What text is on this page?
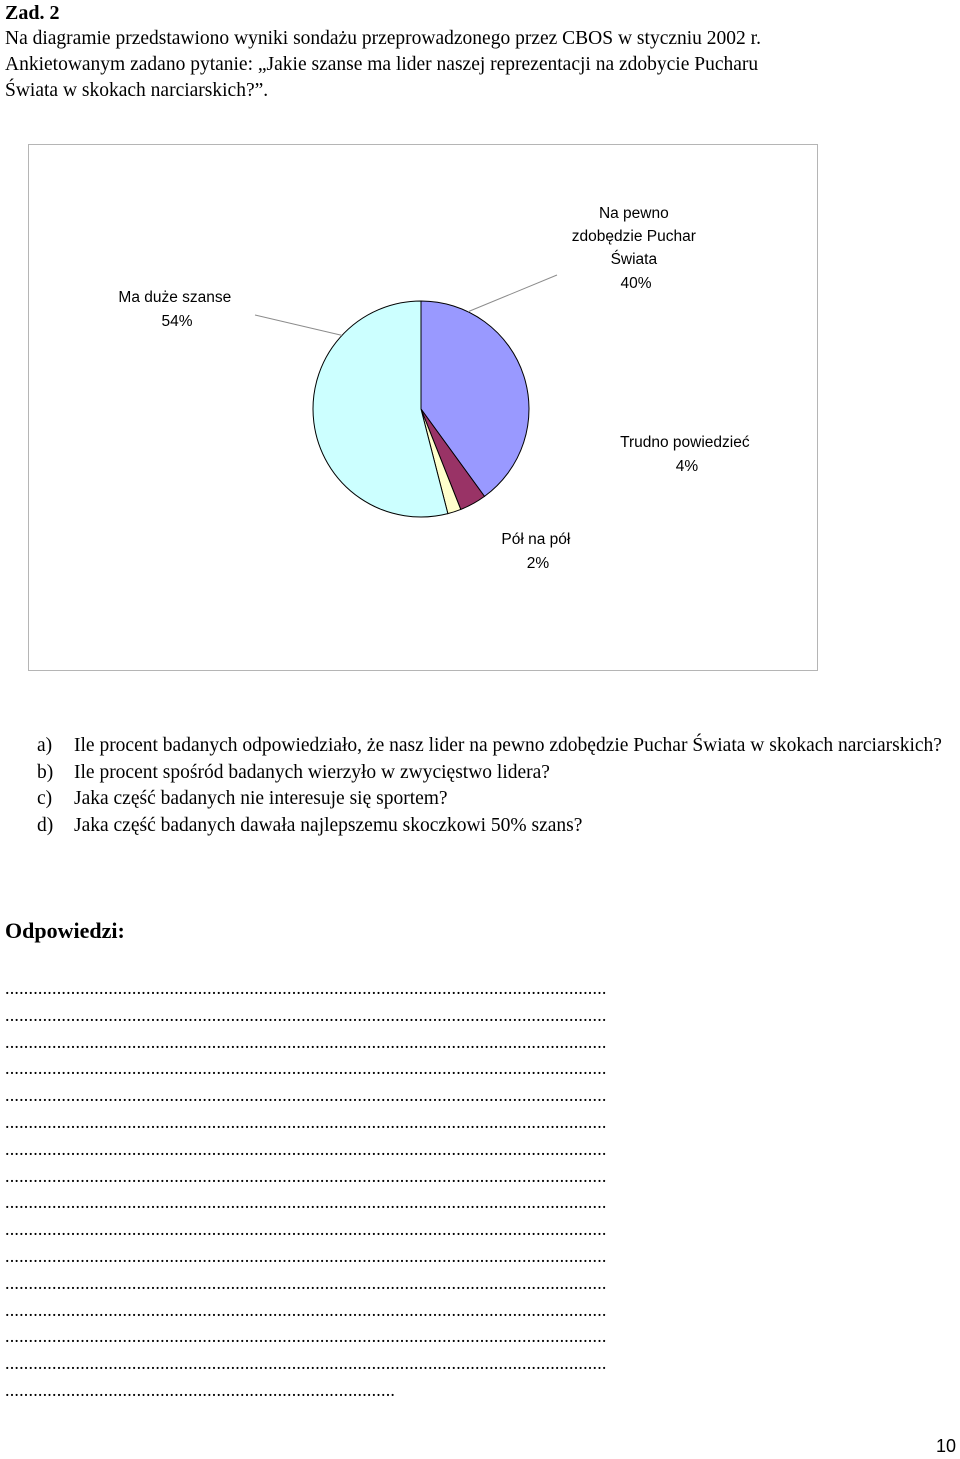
Zad. 2
Na diagramie przedstawiono wyniki sondażu przeprowadzonego przez CBOS w styczniu 2002 r.
Ankietowanym zadano pytanie: „Jakie szanse ma lider naszej reprezentacji na zdobycie Pucharu
Świata w skokach narciarskich?”.
Na pewno zdobędzie Puchar Świata 40%
Trudno powiedzieć 4%
Pół na pół 2%
Ma duże szanse 54%
a) Ile procent badanych odpowiedziało, że nasz lider na pewno zdobędzie Puchar Świata w skokach narciarskich?
b) Ile procent spośród badanych wierzyło w zwycięstwo lidera?
c) Jaka część badanych nie interesuje się sportem?
d) Jaka część badanych dawała najlepszemu skoczkowi 50% szans?
Odpowiedzi:
................................................................................................................................
................................................................................................................................
................................................................................................................................
................................................................................................................................
................................................................................................................................
................................................................................................................................
................................................................................................................................
................................................................................................................................
................................................................................................................................
................................................................................................................................
................................................................................................................................
................................................................................................................................
................................................................................................................................
................................................................................................................................
................................................................................................................................
...................................................................................
10
